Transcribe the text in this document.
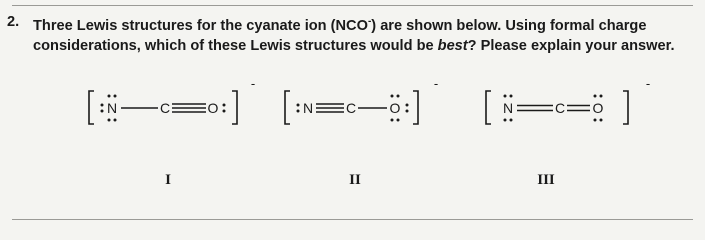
2. Three Lewis structures for the cyanate ion (NCO-) are shown below. Using formal charge considerations, which of these Lewis structures would be best? Please explain your answer.
N	C	O
-
N C O
-
N	C O
-
I	II	III
